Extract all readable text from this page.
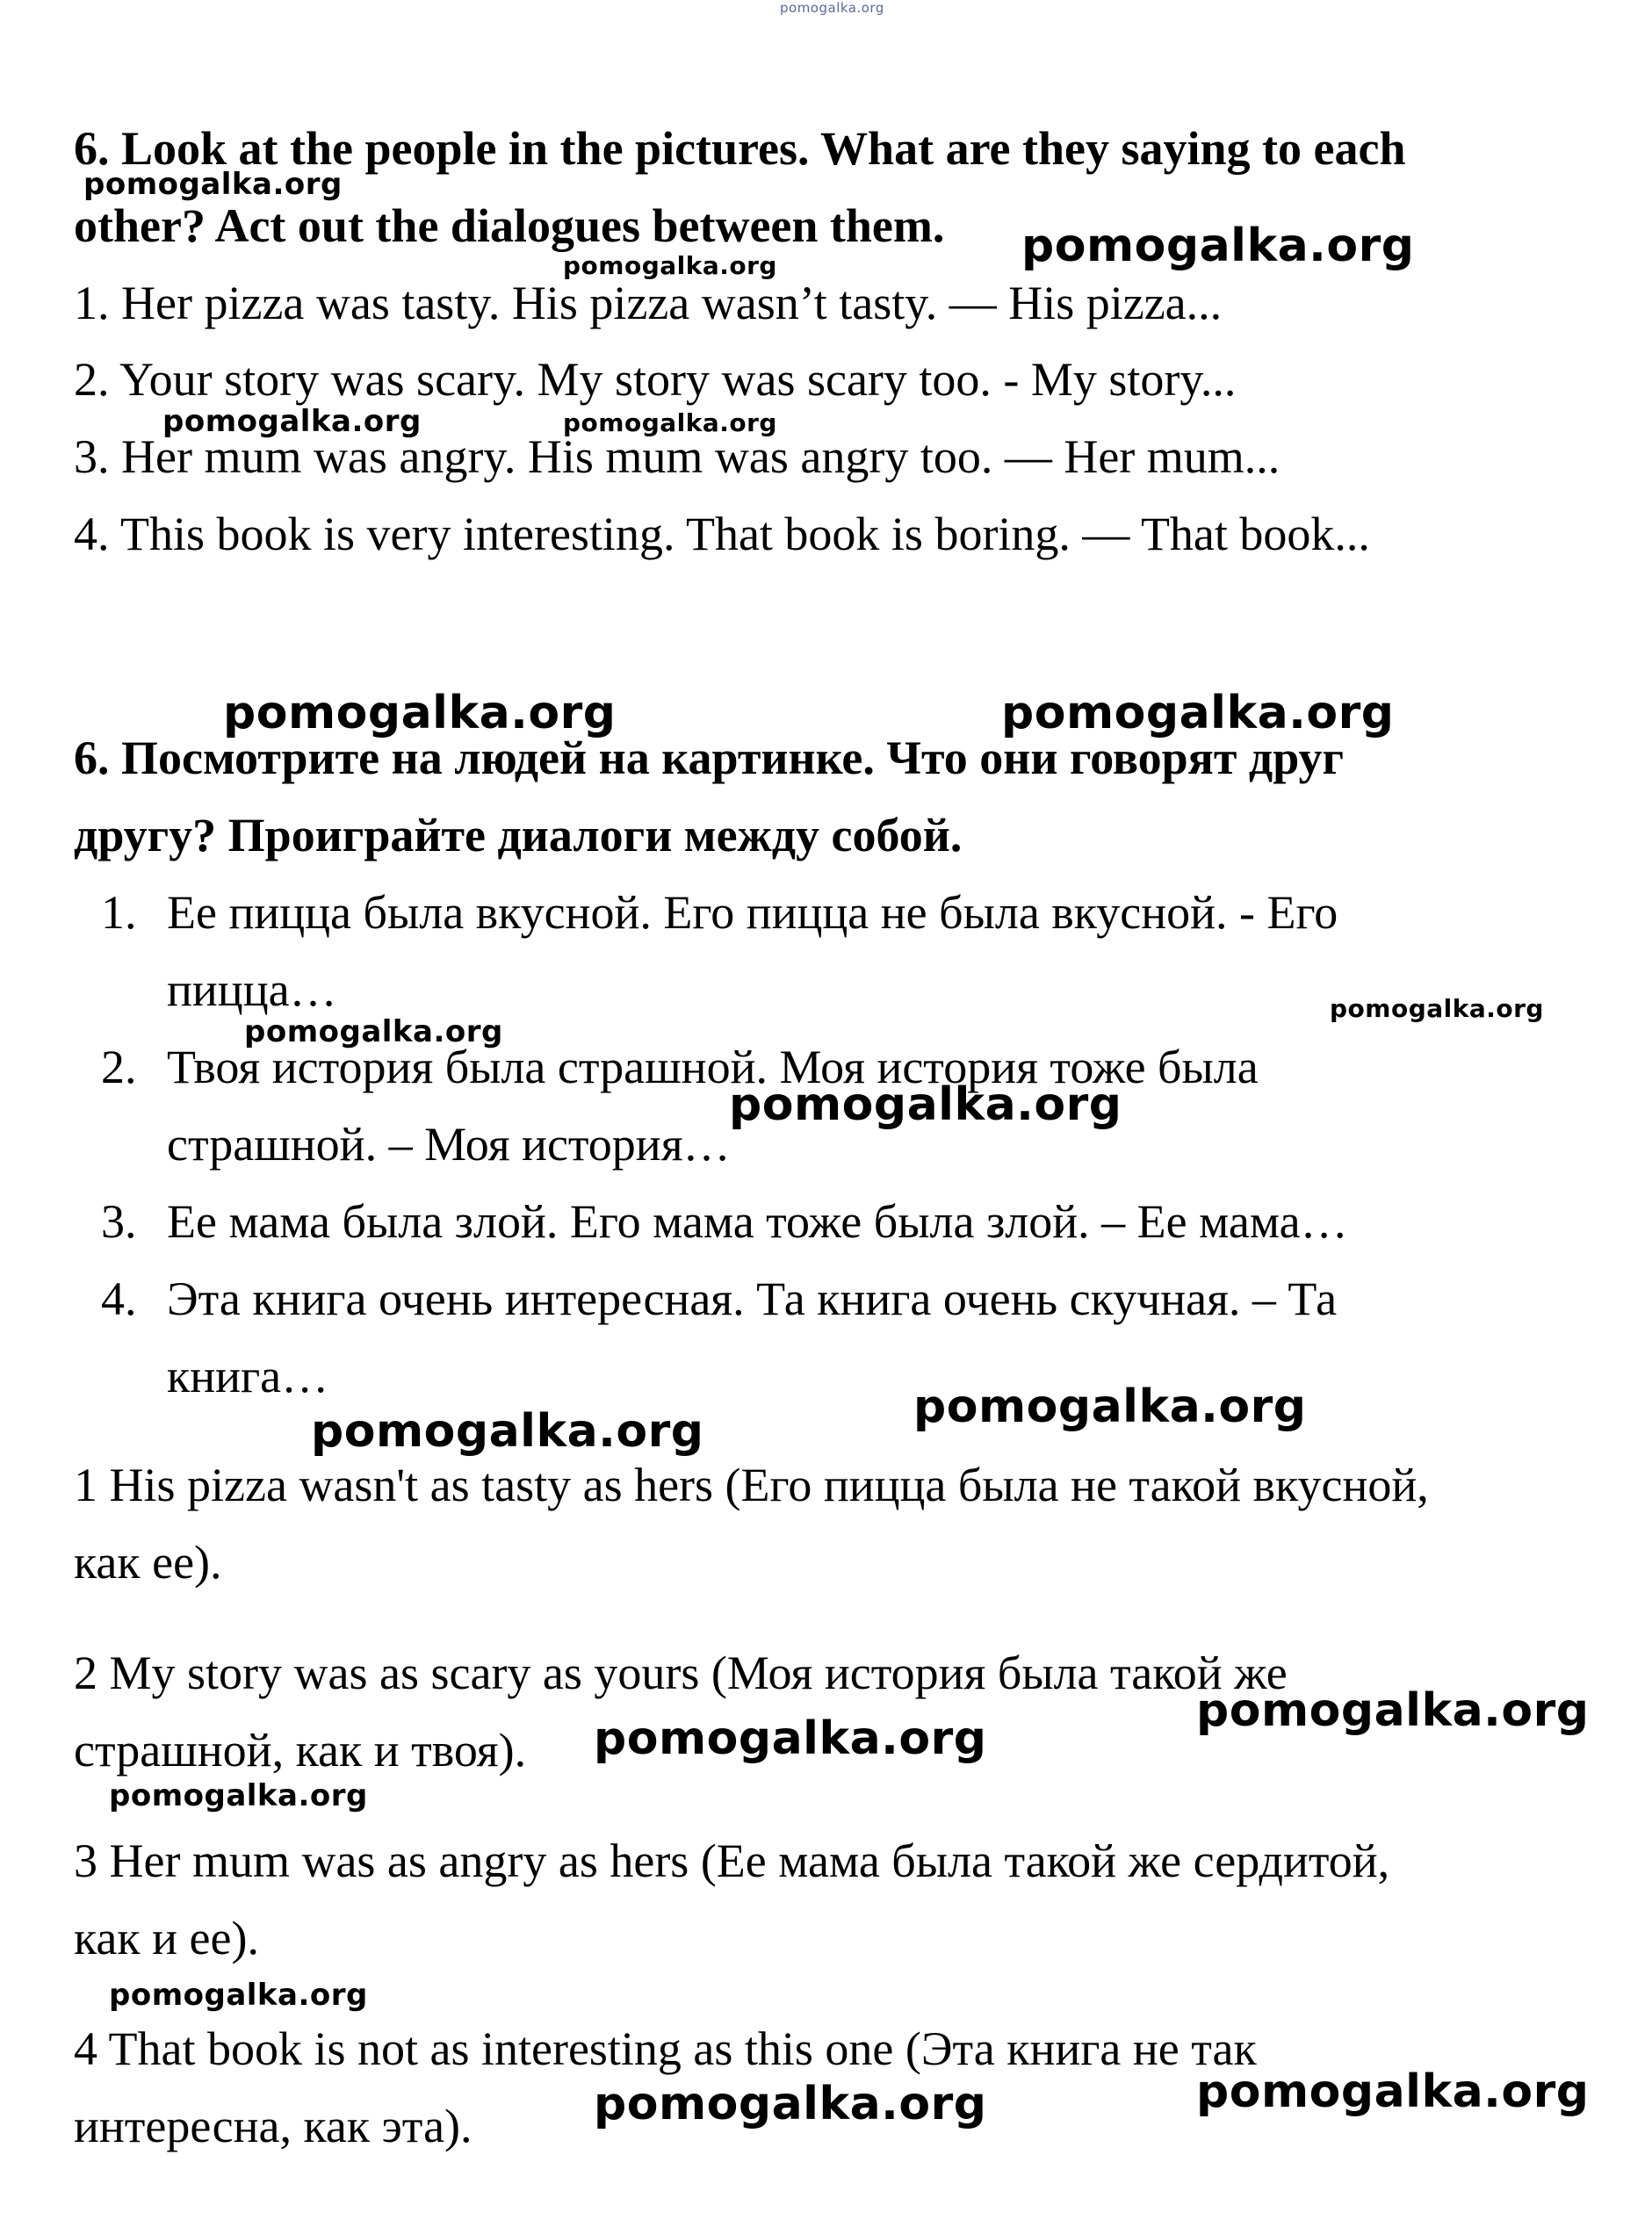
pomogalka.org
6. Look at the people in the pictures. What are they saying to each
other? Act out the dialogues between them.
1. Her pizza was tasty. His pizza wasn’t tasty. — His pizza...
2. Your story was scary. My story was scary too. - My story...
3. Her mum was angry. His mum was angry too. — Her mum...
4. This book is very interesting. That book is boring. — That book...
6. Посмотрите на людей на картинке. Что они говорят друг
другу? Проиграйте диалоги между собой.
1. Ее пицца была вкусной. Его пицца не была вкусной. - Его
пицца…
2. Твоя история была страшной. Моя история тоже была
страшной. – Моя история…
3. Ее мама была злой. Его мама тоже была злой. – Ее мама…
4. Эта книга очень интересная. Та книга очень скучная. – Та
книга…
1 His pizza wasn't as tasty as hers (Его пицца была не такой вкусной,
как ее).
2 My story was as scary as yours (Моя история была такой же
страшной, как и твоя).
3 Her mum was as angry as hers (Ее мама была такой же сердитой,
как и ее).
4 That book is not as interesting as this one (Эта книга не так
интересна, как эта).
pomogalka.org
pomogalka.org
pomogalka.org
pomogalka.org	pomogalka.org
pomogalka.org	pomogalka.org
pomogalka.org
pomogalka.org
pomogalka.org
pomogalka.org
pomogalka.org
pomogalka.org
pomogalka.org
pomogalka.org
pomogalka.org
pomogalka.org
pomogalka.org
